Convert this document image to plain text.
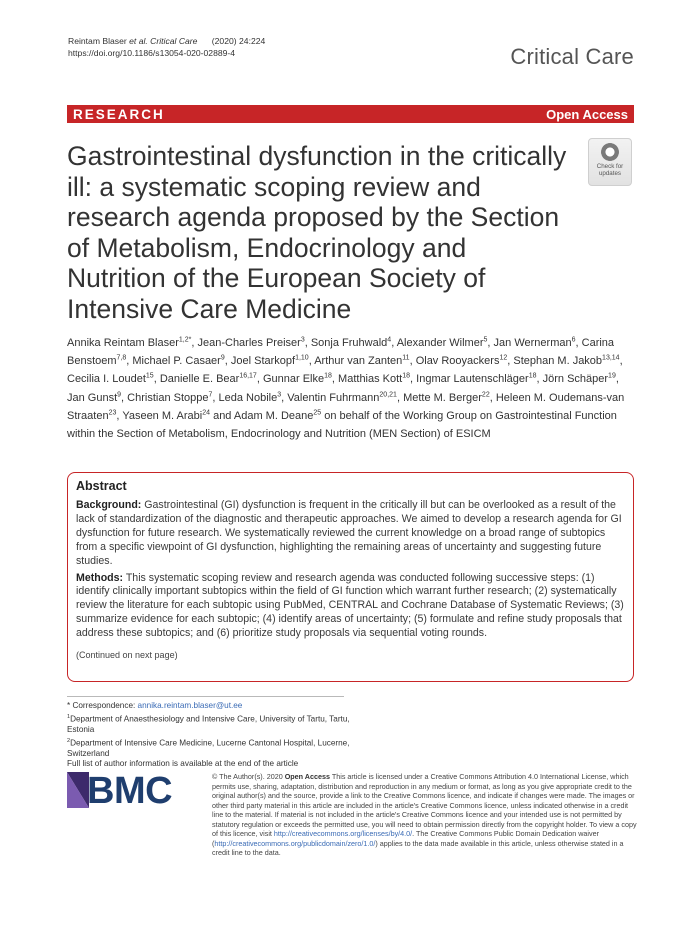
Reintam Blaser et al. Critical Care (2020) 24:224
https://doi.org/10.1186/s13054-020-02889-4	Critical Care
RESEARCH	Open Access
Gastrointestinal dysfunction in the critically ill: a systematic scoping review and research agenda proposed by the Section of Metabolism, Endocrinology and Nutrition of the European Society of Intensive Care Medicine
Check for
updates
Annika Reintam Blaser$^{1,2*}$, Jean-Charles Preiser$^3$, Sonja Fruhwald$^4$, Alexander Wilmer$^5$, Jan Wernerman$^6$, Carina Benstoem$^{7,8}$, Michael P. Casaer$^9$, Joel Starkopf$^{1,10}$, Arthur van Zanten$^{11}$, Olav Rooyackers$^{12}$, Stephan M. Jakob$^{13,14}$, Cecilia I. Loudet$^{15}$, Danielle E. Bear$^{16,17}$, Gunnar Elke$^{18}$, Matthias Kott$^{18}$, Ingmar Lautenschläger$^{18}$, Jörn Schäper$^{19}$, Jan Gunst$^9$, Christian Stoppe$^7$, Leda Nobile$^3$, Valentin Fuhrmann$^{20,21}$, Mette M. Berger$^{22}$, Heleen M. Oudemans-van Straaten$^{23}$, Yaseen M. Arabi$^{24}$ and Adam M. Deane$^{25}$ on behalf of the Working Group on Gastrointestinal Function within the Section of Metabolism, Endocrinology and Nutrition (MEN Section) of ESICM
Abstract

Background: Gastrointestinal (GI) dysfunction is frequent in the critically ill but can be overlooked as a result of the lack of standardization of the diagnostic and therapeutic approaches. We aimed to develop a research agenda for GI dysfunction for future research. We systematically reviewed the current knowledge on a broad range of subtopics from a specific viewpoint of GI dysfunction, highlighting the remaining areas of uncertainty and suggesting future studies.

Methods: This systematic scoping review and research agenda was conducted following successive steps: (1) identify clinically important subtopics within the field of GI function which warrant further research; (2) systematically review the literature for each subtopic using PubMed, CENTRAL and Cochrane Database of Systematic Reviews; (3) summarize evidence for each subtopic; (4) identify areas of uncertainty; (5) formulate and refine study proposals that address these subtopics; and (6) prioritize study proposals via sequential voting rounds.

(Continued on next page)

* Correspondence: annika.reintam.blaser@ut.ee

$^1$Department of Anaesthesiology and Intensive Care, University of Tartu, Tartu, Estonia

$^2$Department of Intensive Care Medicine, Lucerne Cantonal Hospital, Lucerne, Switzerland

Full list of author information is available at the end of the article

BMC	© The Author(s). 2020 Open Access This article is licensed under a Creative Commons Attribution 4.0 International License, which permits use, sharing, adaptation, distribution and reproduction in any medium or format, as long as you give appropriate credit to the original author(s) and the source, provide a link to the Creative Commons licence, and indicate if changes were made. The images or other third party material in this article are included in the article's Creative Commons licence, unless indicated otherwise in a credit line to the material. If material is not included in the article's Creative Commons licence and your intended use is not permitted by statutory regulation or exceeds the permitted use, you will need to obtain permission directly from the copyright holder. To view a copy of this licence, visit http://creativecommons.org/licenses/by/4.0/. The Creative Commons Public Domain Dedication waiver (http://creativecommons.org/publicdomain/zero/1.0/) applies to the data made available in this article, unless otherwise stated in a credit line to the data.
